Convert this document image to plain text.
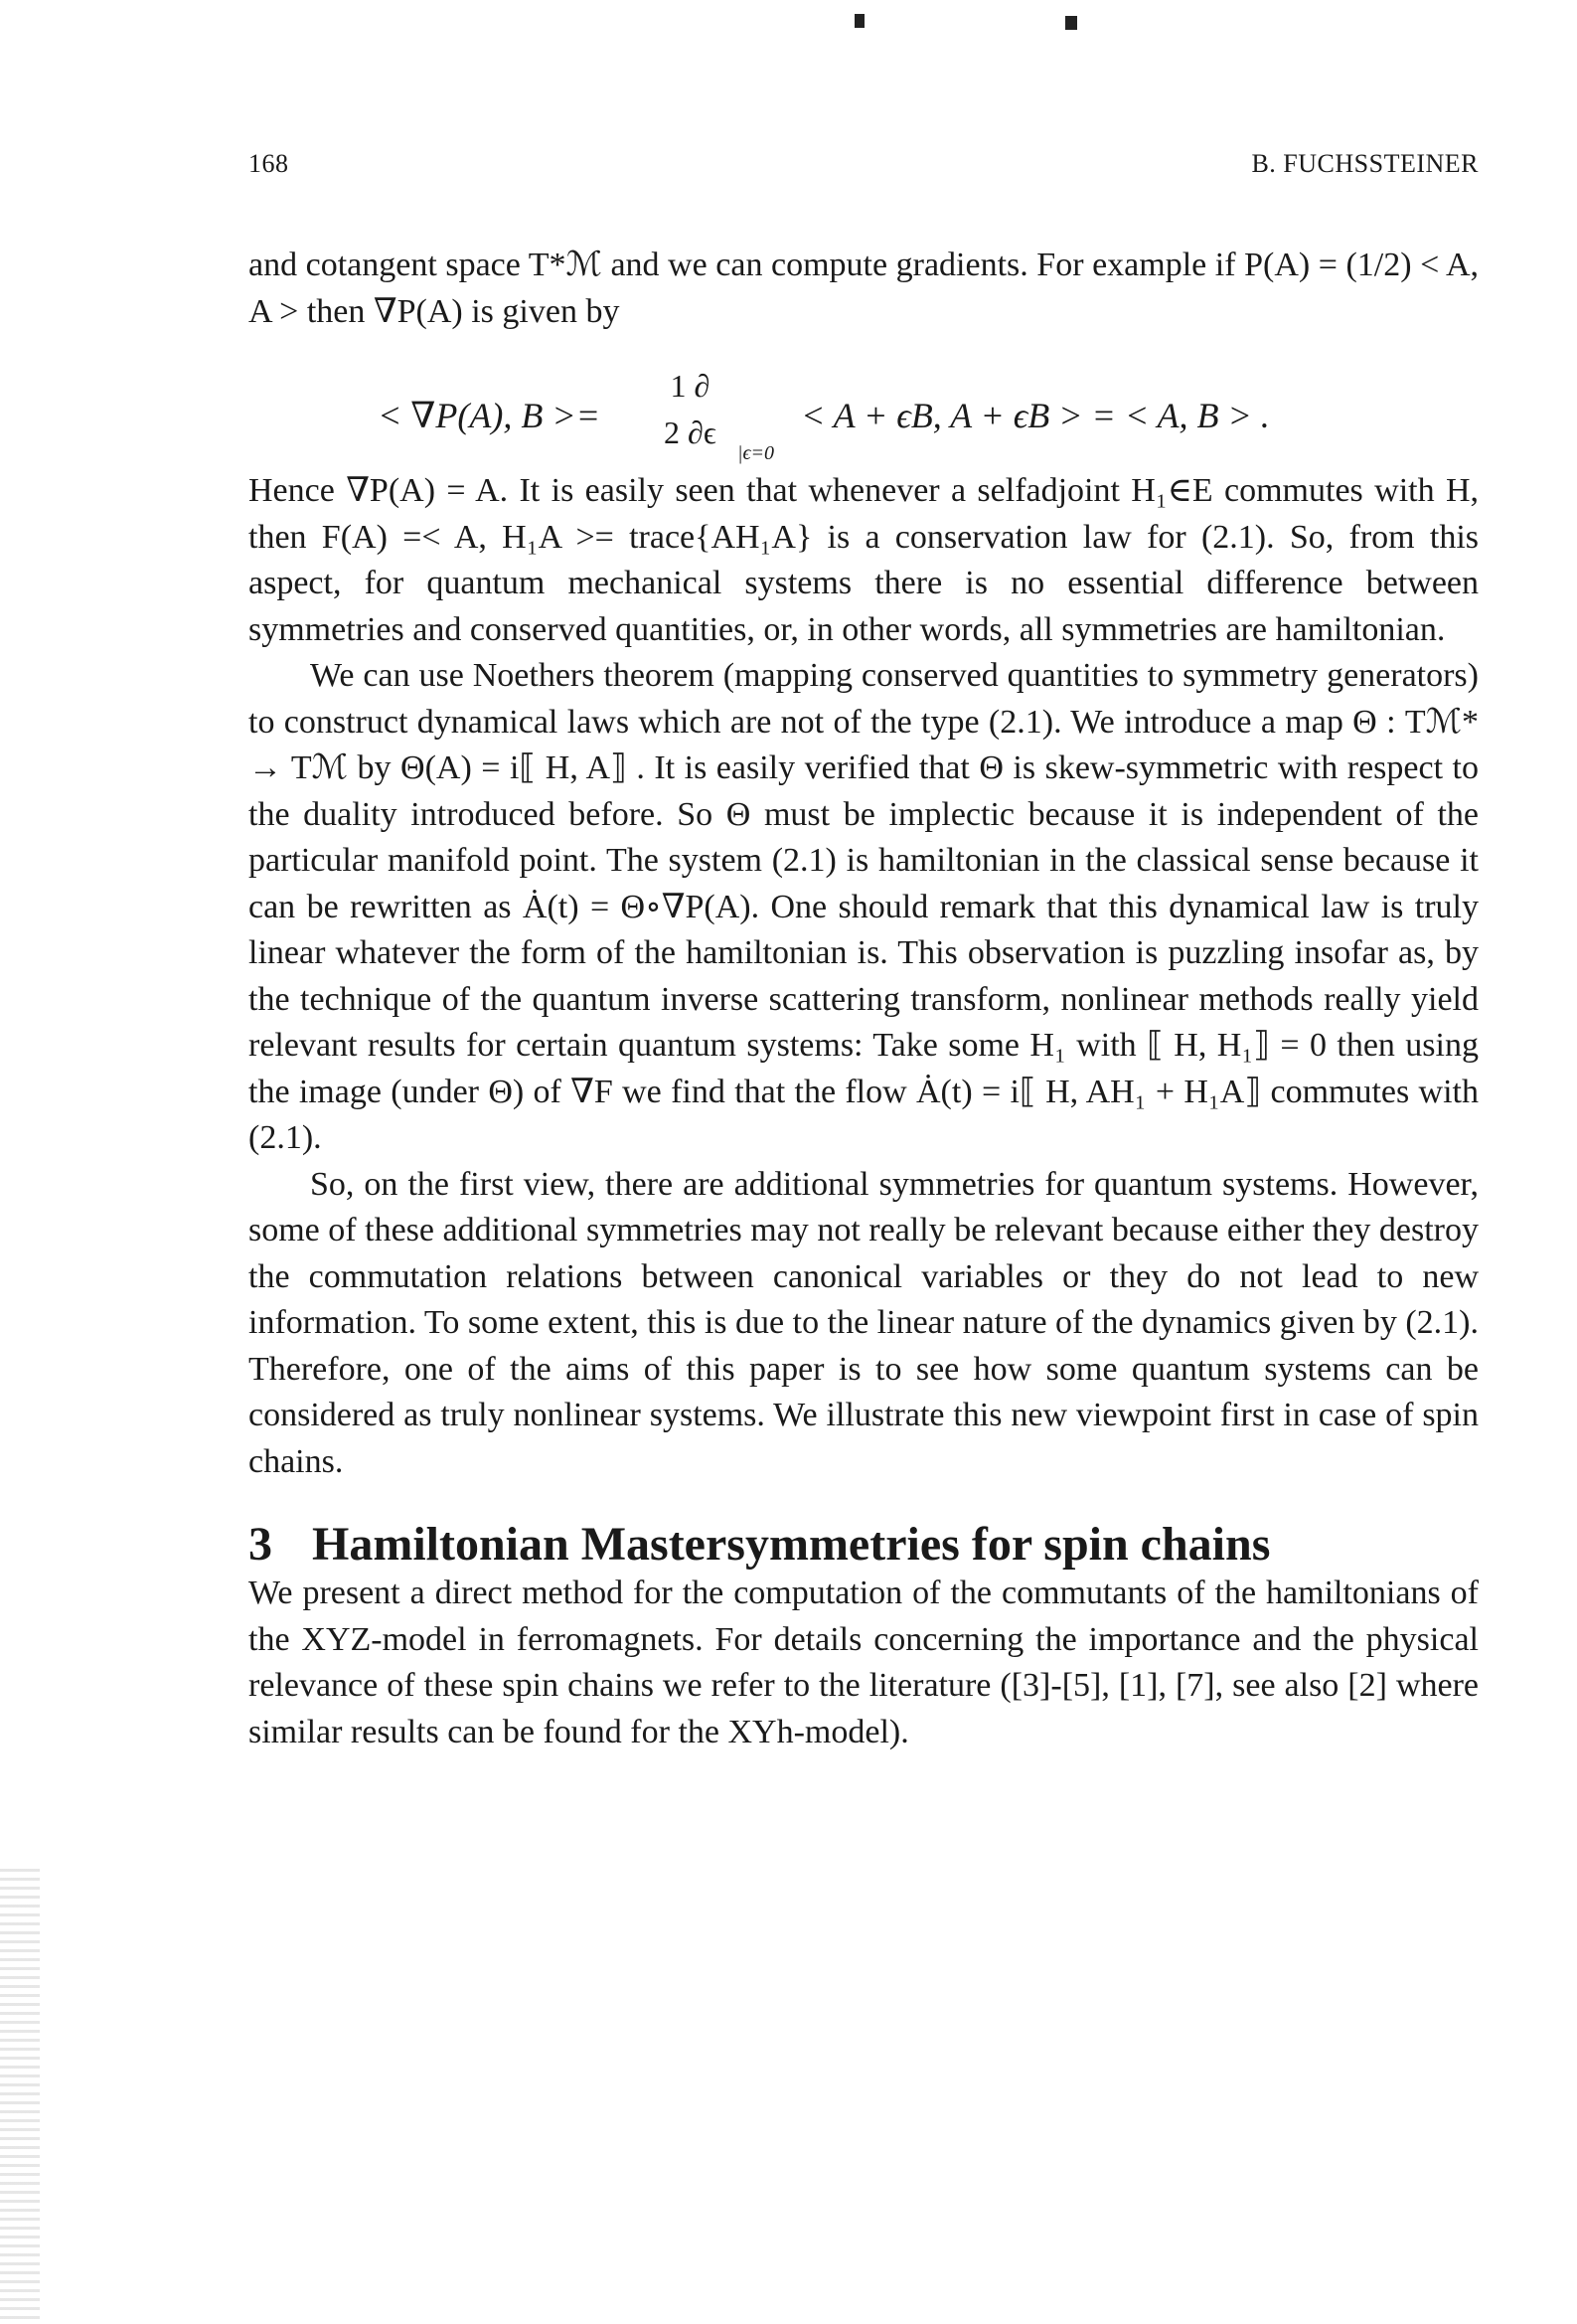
168	B. FUCHSSTEINER

and cotangent space T*ℳ and we can compute gradients. For example if P(A) = (1/2) < A, A > then ∇P(A) is given by

< ∇P(A), B >=
1 ∂
2 ∂ϵ
|ϵ=0
< A + ϵB, A + ϵB > = < A, B > .

Hence ∇P(A) = A. It is easily seen that whenever a selfadjoint H₁∈E commutes with H, then F(A) =< A, H₁A >= trace{AH₁A} is a conservation law for (2.1). So, from this aspect, for quantum mechanical systems there is no essential difference between symmetries and conserved quantities, or, in other words, all symmetries are hamiltonian.

We can use Noethers theorem (mapping conserved quantities to symmetry generators) to construct dynamical laws which are not of the type (2.1). We introduce a map Θ : Tℳ* → Tℳ by Θ(A) = i⟦ H, A⟧ . It is easily verified that Θ is skew-symmetric with respect to the duality introduced before. So Θ must be implectic because it is independent of the particular manifold point. The system (2.1) is hamiltonian in the classical sense because it can be rewritten as Ȧ(t) = Θ∘∇P(A). One should remark that this dynamical law is truly linear whatever the form of the hamiltonian is. This observation is puzzling insofar as, by the technique of the quantum inverse scattering transform, nonlinear methods really yield relevant results for certain quantum systems: Take some H₁ with ⟦ H, H₁⟧ = 0 then using the image (under Θ) of ∇F we find that the flow Ȧ(t) = i⟦ H, AH₁ + H₁A⟧ commutes with (2.1).

So, on the first view, there are additional symmetries for quantum systems. However, some of these additional symmetries may not really be relevant because either they destroy the commutation relations between canonical variables or they do not lead to new information. To some extent, this is due to the linear nature of the dynamics given by (2.1). Therefore, one of the aims of this paper is to see how some quantum systems can be considered as truly nonlinear systems. We illustrate this new viewpoint first in case of spin chains.

3 Hamiltonian Mastersymmetries for spin chains

We present a direct method for the computation of the commutants of the hamiltonians of the XYZ-model in ferromagnets. For details concerning the importance and the physical relevance of these spin chains we refer to the literature ([3]-[5], [1], [7], see also [2] where similar results can be found for the XYh-model).
